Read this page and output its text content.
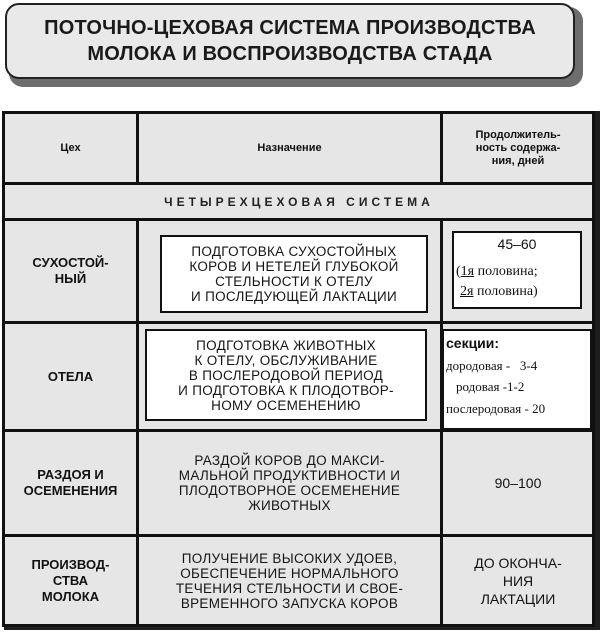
ПОТОЧНО-ЦЕХОВАЯ СИСТЕМА ПРОИЗВОДСТВА
МОЛОКА И ВОСПРОИЗВОДСТВА СТАДА
Цех	Назначение
Продолжитель-
ность содержа-
ния, дней
ЧЕТЫРЕХЦЕХОВАЯ СИСТЕМА
СУХОСТОЙ-
НЫЙ
ПОДГОТОВКА СУХОСТОЙНЫХ
КОРОВ И НЕТЕЛЕЙ ГЛУБОКОЙ
СТЕЛЬНОСТИ К ОТЕЛУ
И ПОСЛЕДУЮЩЕЙ ЛАКТАЦИИ
45–60
(1я половина;
2я половина)
ОТЕЛА
ПОДГОТОВКА ЖИВОТНЫХ
К ОТЕЛУ, ОБСЛУЖИВАНИЕ
В ПОСЛЕРОДОВОЙ ПЕРИОД
И ПОДГОТОВКА К ПЛОДОТВОР-
НОМУ ОСЕМЕНЕНИЮ
секции:
дородовая - 3-4
родовая -1-2
послеродовая - 20
РАЗДОЯ И
ОСЕМЕНЕНИЯ
РАЗДОЙ КОРОВ ДО МАКСИ-
МАЛЬНОЙ ПРОДУКТИВНОСТИ И
ПЛОДОТВОРНОЕ ОСЕМЕНЕНИЕ
ЖИВОТНЫХ
90–100
ПРОИЗВОД-
СТВА
МОЛОКА
ПОЛУЧЕНИЕ ВЫСОКИХ УДОЕВ,
ОБЕСПЕЧЕНИЕ НОРМАЛЬНОГО
ТЕЧЕНИЯ СТЕЛЬНОСТИ И СВОЕ-
ВРЕМЕННОГО ЗАПУСКА КОРОВ
ДО ОКОНЧА-
НИЯ
ЛАКТАЦИИ
